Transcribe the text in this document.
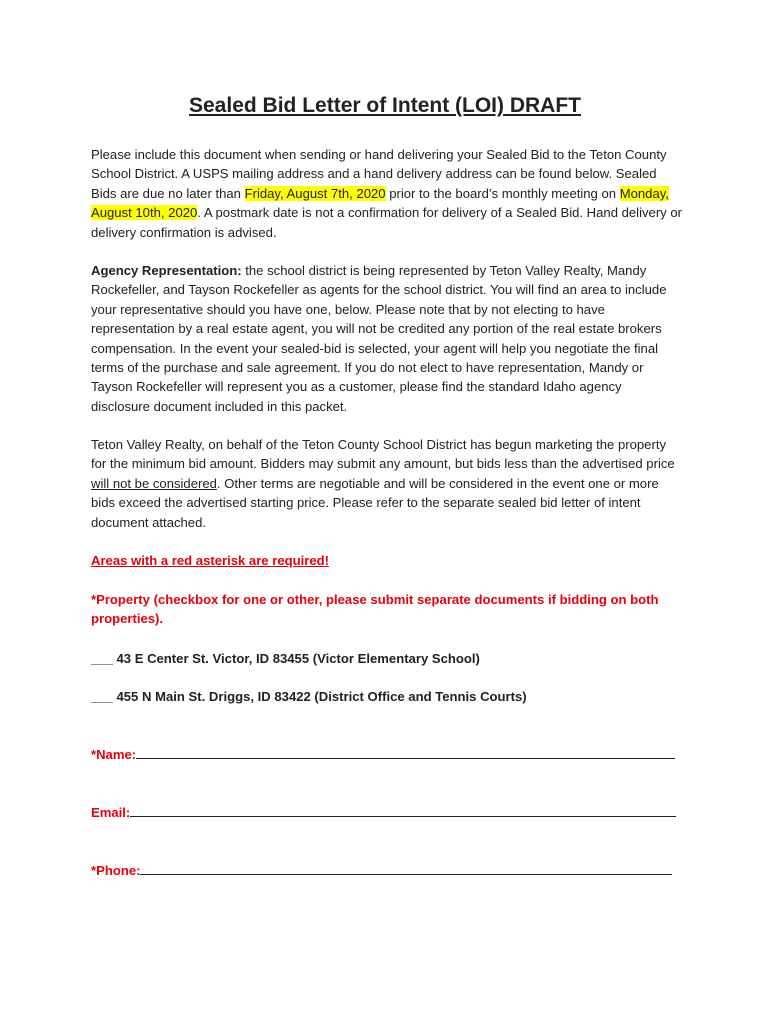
Sealed Bid Letter of Intent (LOI) DRAFT

Please include this document when sending or hand delivering your Sealed Bid to the Teton County School District. A USPS mailing address and a hand delivery address can be found below. Sealed Bids are due no later than Friday, August 7th, 2020 prior to the board’s monthly meeting on Monday, August 10th, 2020. A postmark date is not a confirmation for delivery of a Sealed Bid. Hand delivery or delivery confirmation is advised.

Agency Representation: the school district is being represented by Teton Valley Realty, Mandy Rockefeller, and Tayson Rockefeller as agents for the school district. You will find an area to include your representative should you have one, below. Please note that by not electing to have representation by a real estate agent, you will not be credited any portion of the real estate brokers compensation. In the event your sealed-bid is selected, your agent will help you negotiate the final terms of the purchase and sale agreement. If you do not elect to have representation, Mandy or Tayson Rockefeller will represent you as a customer, please find the standard Idaho agency disclosure document included in this packet.

Teton Valley Realty, on behalf of the Teton County School District has begun marketing the property for the minimum bid amount. Bidders may submit any amount, but bids less than the advertised price will not be considered. Other terms are negotiable and will be considered in the event one or more bids exceed the advertised starting price. Please refer to the separate sealed bid letter of intent document attached.

Areas with a red asterisk are required!

*Property (checkbox for one or other, please submit separate documents if bidding on both properties).

___ 43 E Center St. Victor, ID 83455 (Victor Elementary School)

___ 455 N Main St. Driggs, ID 83422 (District Office and Tennis Courts)

*Name:

Email:

*Phone:
